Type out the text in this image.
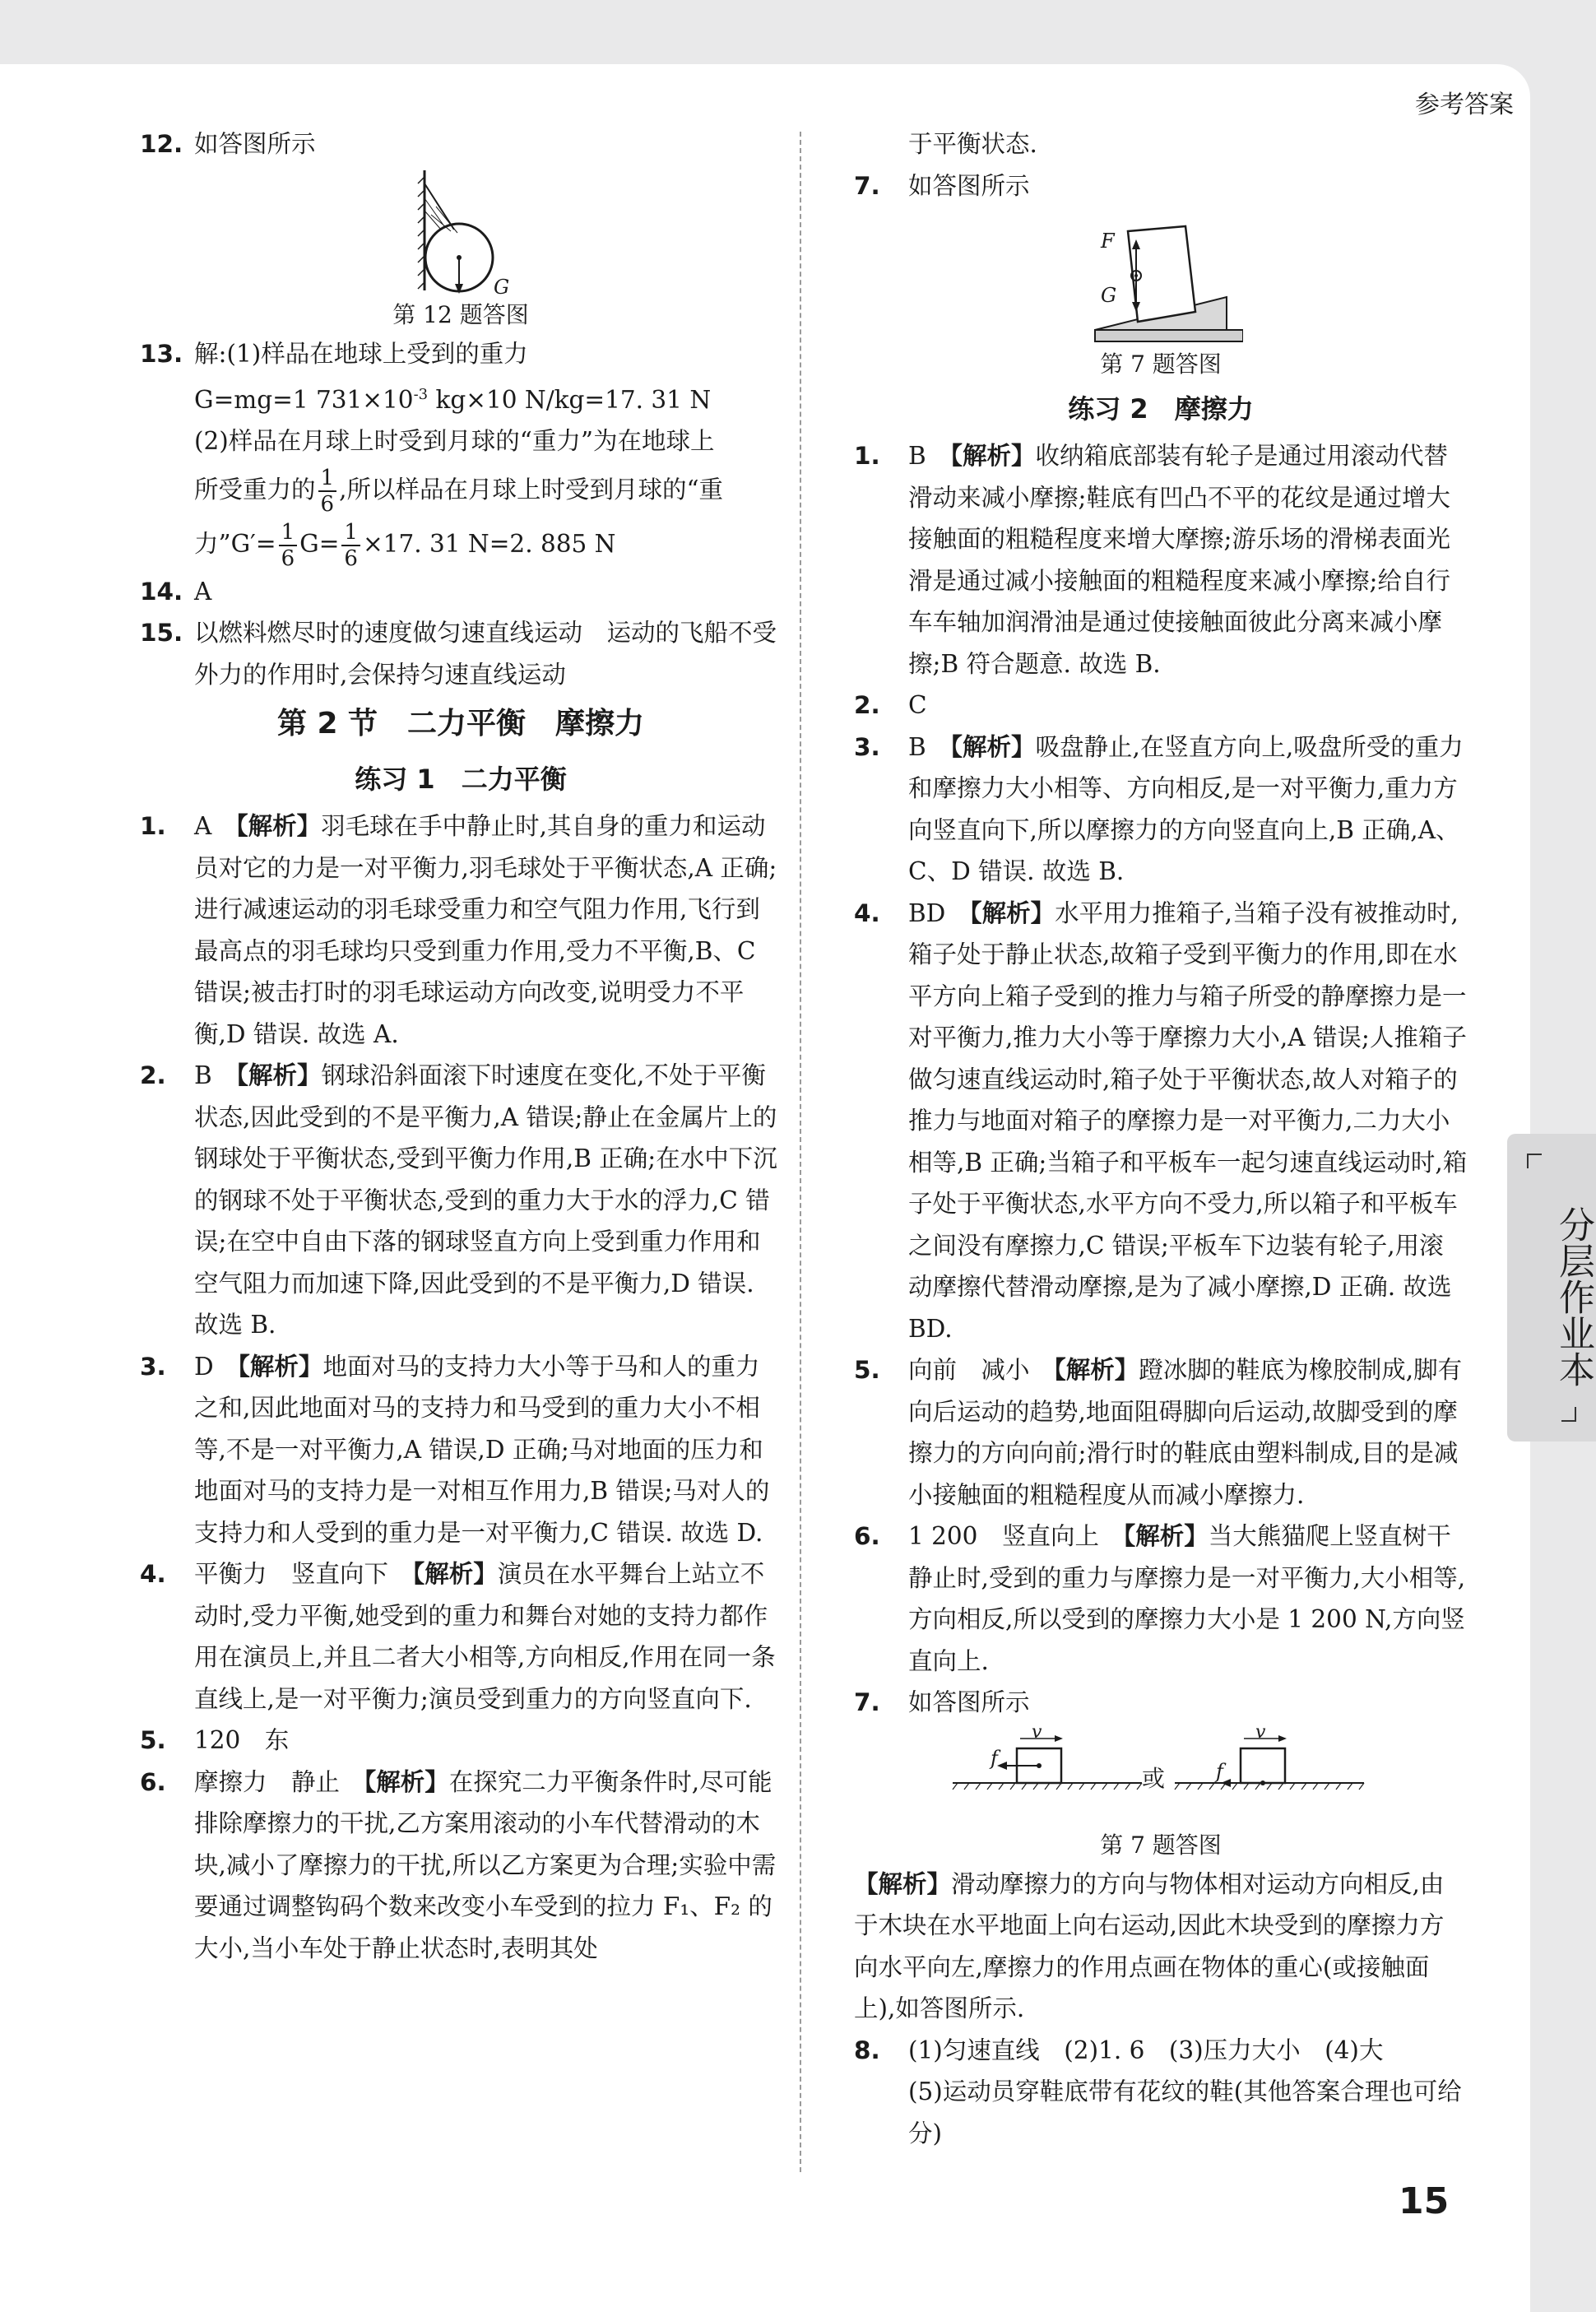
参考答案
分层作业本
12. 如答图所示
G
第 12 题答图
13. 解:(1)样品在地球上受到的重力
G=mg=1 $731\times 10^{-3}$ kg×10 N/kg=17. 31 N
(2)样品在月球上时受到月球的“重力”为在地球上
所受重力的 $\frac{1}{6}$ ,所以样品在月球上时受到月球的“重
力”G′= $\frac{1}{6} G= \frac{1}{6} \times 17$. 31 N=2. 885 N
14. A
15. 以燃料燃尽时的速度做匀速直线运动　运动的飞船不受外力的作用时,会保持匀速直线运动
第 2 节　二力平衡　摩擦力
练习 1　二力平衡
1. A　 【解析】羽毛球在手中静止时,其自身的重力和运动员对它的力是一对平衡力,羽毛球处于平衡状态,A 正确;进行减速运动的羽毛球受重力和空气阻力作用,飞行到最高点的羽毛球均只受到重力作用,受力不平衡,B、C 错误;被击打时的羽毛球运动方向改变,说明受力不平衡,D 错误. 故选 A.
2. B　 【解析】钢球沿斜面滚下时速度在变化,不处于平衡状态,因此受到的不是平衡力,A 错误;静止在金属片上的钢球处于平衡状态,受到平衡力作用,B 正确;在水中下沉的钢球不处于平衡状态,受到的重力大于水的浮力,C 错误;在空中自由下落的钢球竖直方向上受到重力作用和空气阻力而加速下降,因此受到的不是平衡力,D 错误. 故选 B.
3. D　 【解析】地面对马的支持力大小等于马和人的重力之和,因此地面对马的支持力和马受到的重力大小不相等,不是一对平衡力,A 错误,D 正确;马对地面的压力和地面对马的支持力是一对相互作用力,B 错误;马对人的支持力和人受到的重力是一对平衡力,C 错误. 故选 D.
4. 平衡力　竖直向下　 【解析】演员在水平舞台上站立不动时,受力平衡,她受到的重力和舞台对她的支持力都作用在演员上,并且二者大小相等,方向相反,作用在同一条直线上,是一对平衡力;演员受到重力的方向竖直向下.
5. 120　东
6. 摩擦力　静止　 【解析】在探究二力平衡条件时,尽可能排除摩擦力的干扰,乙方案用滚动的小车代替滑动的木块,减小了摩擦力的干扰,所以乙方案更为合理;实验中需要通过调整钩码个数来改变小车受到的拉力 F₁、F₂ 的大小,当小车处于静止状态时,表明其处
于平衡状态.
7. 如答图所示
F
G
第 7 题答图
练习 2　摩擦力
1. B　 【解析】收纳箱底部装有轮子是通过用滚动代替滑动来减小摩擦;鞋底有凹凸不平的花纹是通过增大接触面的粗糙程度来增大摩擦;游乐场的滑梯表面光滑是通过减小接触面的粗糙程度来减小摩擦;给自行车车轴加润滑油是通过使接触面彼此分离来减小摩擦;B 符合题意. 故选 B.
2. C
3. B　 【解析】吸盘静止,在竖直方向上,吸盘所受的重力和摩擦力大小相等、方向相反,是一对平衡力,重力方向竖直向下,所以摩擦力的方向竖直向上,B 正确,A、C、D 错误. 故选 B.
4. BD　 【解析】水平用力推箱子,当箱子没有被推动时,箱子处于静止状态,故箱子受到平衡力的作用,即在水平方向上箱子受到的推力与箱子所受的静摩擦力是一对平衡力,推力大小等于摩擦力大小,A 错误;人推箱子做匀速直线运动时,箱子处于平衡状态,故人对箱子的推力与地面对箱子的摩擦力是一对平衡力,二力大小相等,B 正确;当箱子和平板车一起匀速直线运动时,箱子处于平衡状态,水平方向不受力,所以箱子和平板车之间没有摩擦力,C 错误;平板车下边装有轮子,用滚动摩擦代替滑动摩擦,是为了减小摩擦,D 正确. 故选 BD.
5. 向前　减小　 【解析】蹬冰脚的鞋底为橡胶制成,脚有向后运动的趋势,地面阻碍脚向后运动,故脚受到的摩擦力的方向向前;滑行时的鞋底由塑料制成,目的是减小接触面的粗糙程度从而减小摩擦力.
6. 1 200　竖直向上　 【解析】当大熊猫爬上竖直树干静止时,受到的重力与摩擦力是一对平衡力,大小相等,方向相反,所以受到的摩擦力大小是 1 200 N,方向竖直向上.
7. 如答图所示
v	v
f
f
或
第 7 题答图
【解析】滑动摩擦力的方向与物体相对运动方向相反,由于木块在水平地面上向右运动,因此木块受到的摩擦力方向水平向左,摩擦力的作用点画在物体的重心(或接触面上),如答图所示.
8. (1)匀速直线　(2)1. 6　(3)压力大小　(4)大
(5)运动员穿鞋底带有花纹的鞋(其他答案合理也可给分)
15
